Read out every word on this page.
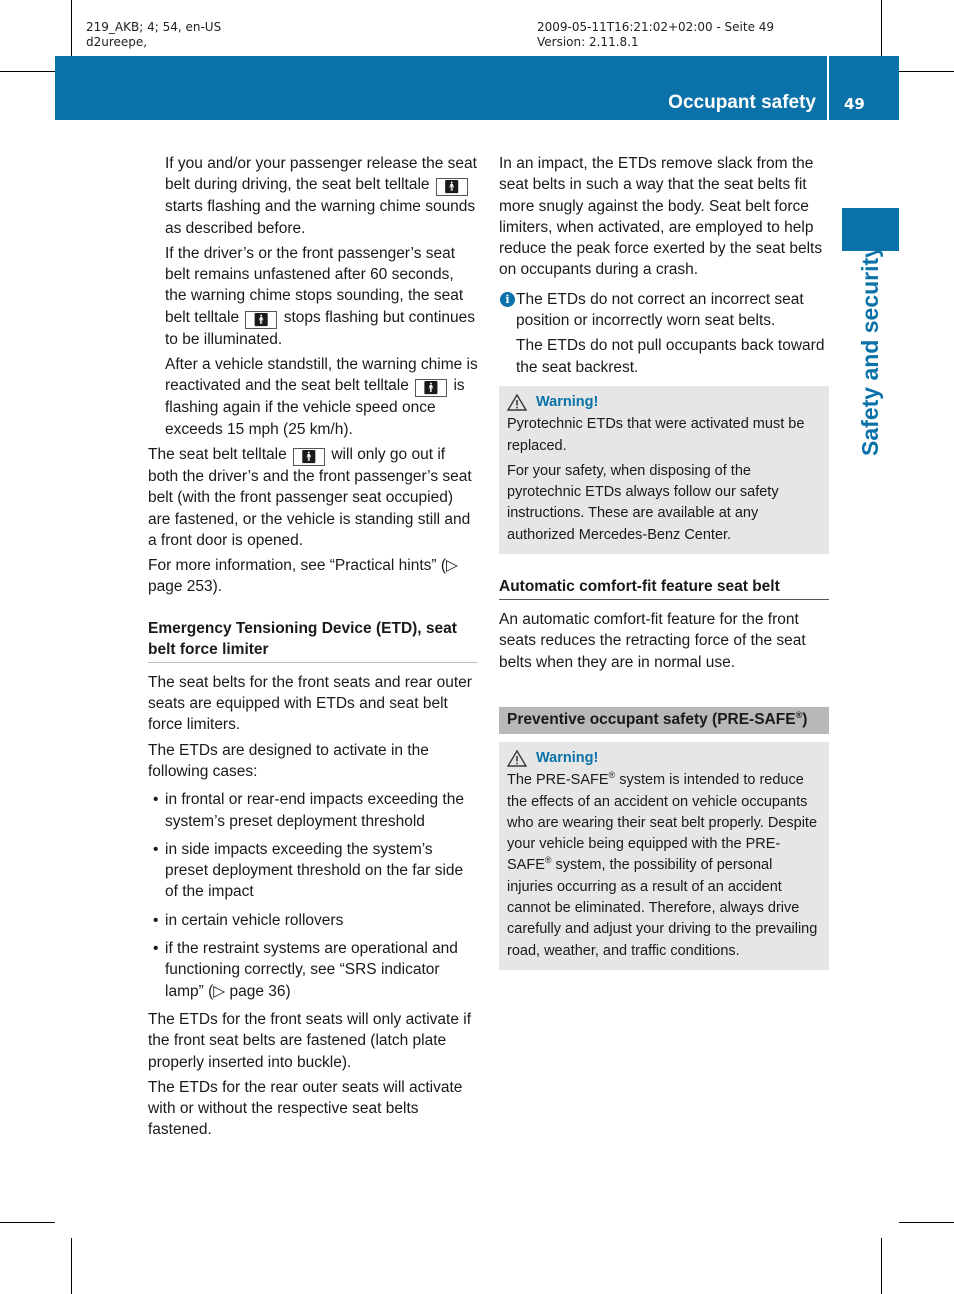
219_AKB; 4; 54, en-US
d2ureepe,
2009-05-11T16:21:02+02:00 - Seite 49
Version: 2.11.8.1
Occupant safety 49
Safety and security

If you and/or your passenger release the seat belt during driving, the seat belt telltale 🚹︎ starts flashing and the warning chime sounds as described before.

If the driver’s or the front passenger’s seat belt remains unfastened after 60 seconds, the warning chime stops sounding, the seat belt telltale 🚹︎ stops flashing but continues to be illuminated.

After a vehicle standstill, the warning chime is reactivated and the seat belt telltale 🚹︎ is flashing again if the vehicle speed once exceeds 15 mph (25 km/h).

The seat belt telltale 🚹︎ will only go out if both the driver’s and the front passenger’s seat belt (with the front passenger seat occupied) are fastened, or the vehicle is standing still and a front door is opened.

For more information, see “Practical hints” (▷ page 253).

Emergency Tensioning Device (ETD), seat belt force limiter

The seat belts for the front seats and rear outer seats are equipped with ETDs and seat belt force limiters.

The ETDs are designed to activate in the following cases:

• in frontal or rear-end impacts exceeding the system’s preset deployment threshold
• in side impacts exceeding the system’s preset deployment threshold on the far side of the impact
• in certain vehicle rollovers
• if the restraint systems are operational and functioning correctly, see “SRS indicator lamp” (▷ page 36)

The ETDs for the front seats will only activate if the front seat belts are fastened (latch plate properly inserted into buckle).

The ETDs for the rear outer seats will activate with or without the respective seat belts fastened.

In an impact, the ETDs remove slack from the seat belts in such a way that the seat belts fit more snugly against the body. Seat belt force limiters, when activated, are employed to help reduce the peak force exerted by the seat belts on occupants during a crash.

i The ETDs do not correct an incorrect seat position or incorrectly worn seat belts.

The ETDs do not pull occupants back toward the seat backrest.

Warning!

Pyrotechnic ETDs that were activated must be replaced.

For your safety, when disposing of the pyrotechnic ETDs always follow our safety instructions. These are available at any authorized Mercedes-Benz Center.

Automatic comfort-fit feature seat belt

An automatic comfort-fit feature for the front seats reduces the retracting force of the seat belts when they are in normal use.

Preventive occupant safety (PRE-SAFE®)
Warning!

The PRE-SAFE® system is intended to reduce the effects of an accident on vehicle occupants who are wearing their seat belt properly. Despite your vehicle being equipped with the PRE-SAFE® system, the possibility of personal injuries occurring as a result of an accident cannot be eliminated. Therefore, always drive carefully and adjust your driving to the prevailing road, weather, and traffic conditions.
